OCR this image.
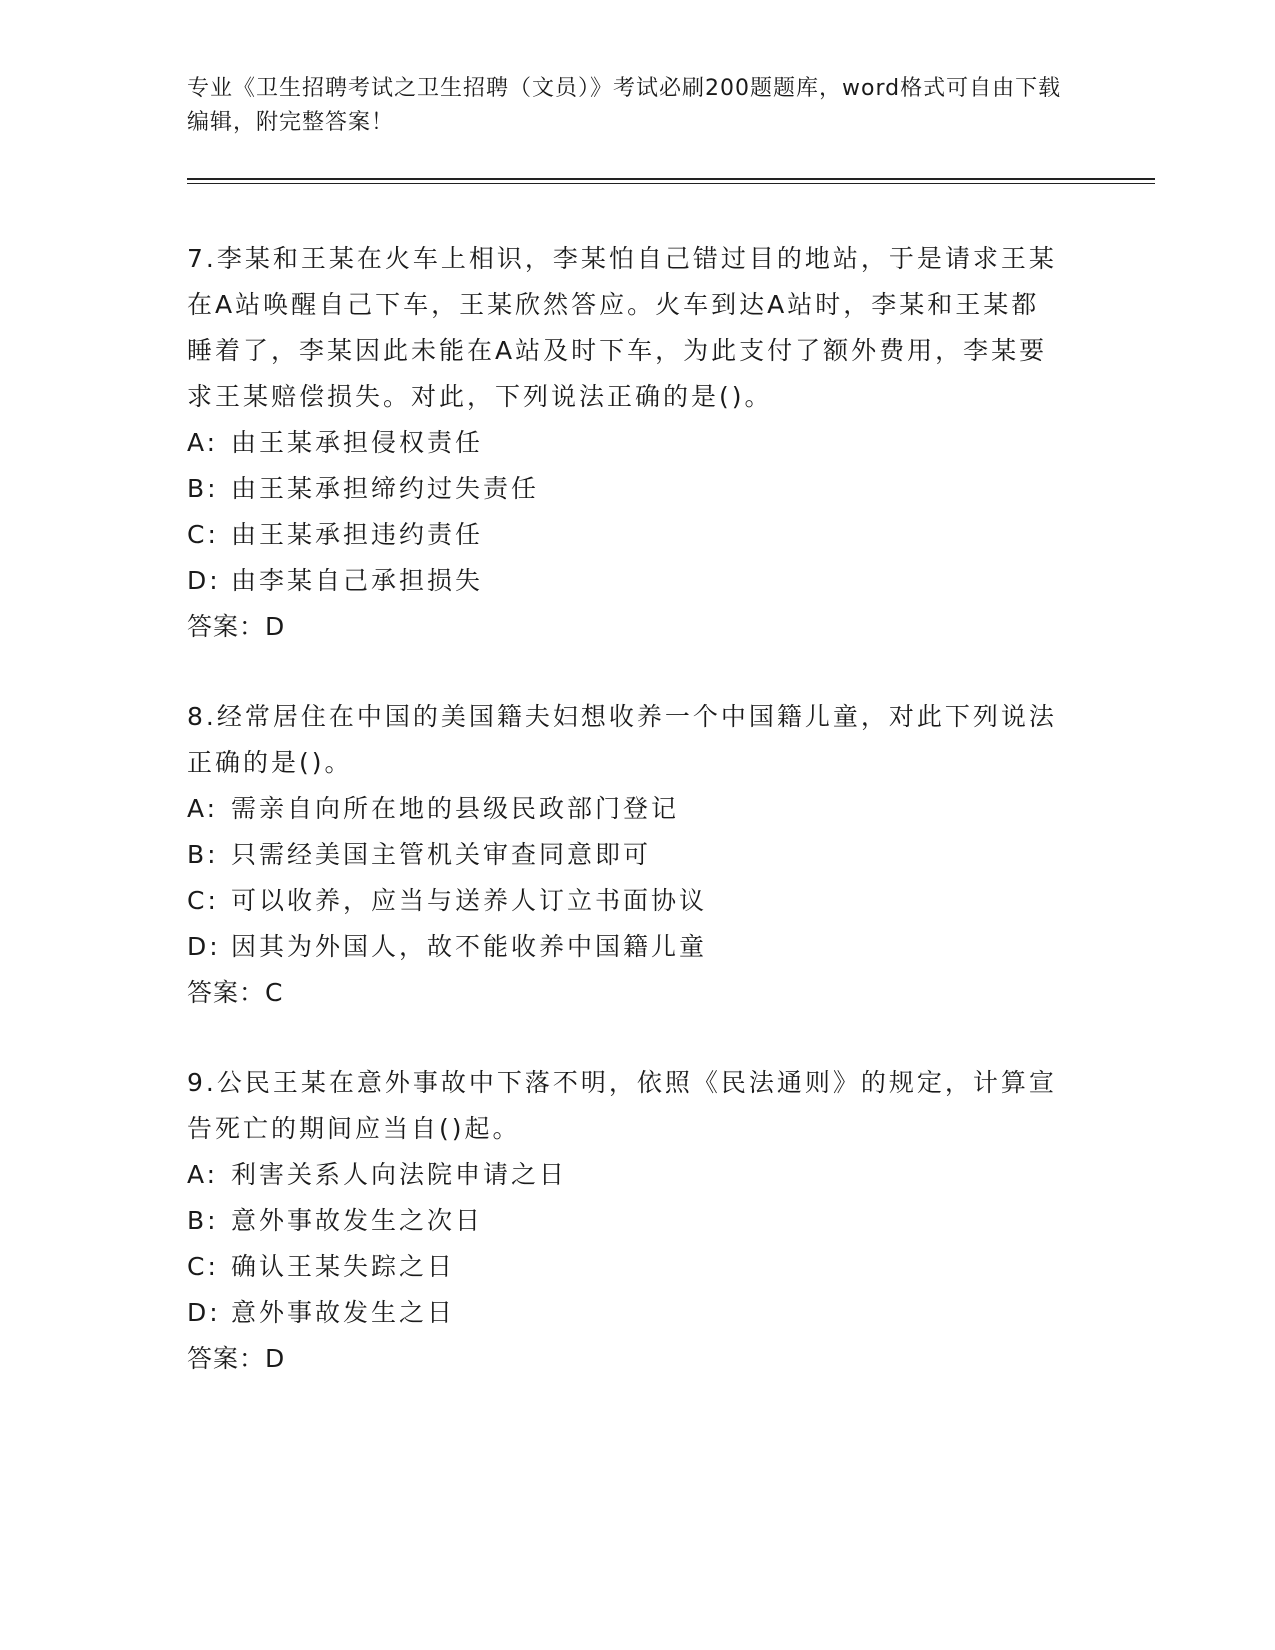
专业《卫生招聘考试之卫生招聘（文员）》考试必刷200题题库，word格式可自由下载编辑，附完整答案！

7.李某和王某在火车上相识，李某怕自己错过目的地站，于是请求王某在A站唤醒自己下车，王某欣然答应。火车到达A站时，李某和王某都睡着了，李某因此未能在A站及时下车，为此支付了额外费用，李某要求王某赔偿损失。对此，下列说法正确的是()。

A: 由王某承担侵权责任

B: 由王某承担缔约过失责任

C: 由王某承担违约责任

D: 由李某自己承担损失

答案：D

8.经常居住在中国的美国籍夫妇想收养一个中国籍儿童，对此下列说法正确的是()。

A: 需亲自向所在地的县级民政部门登记

B: 只需经美国主管机关审查同意即可

C: 可以收养，应当与送养人订立书面协议

D: 因其为外国人，故不能收养中国籍儿童

答案：C

9.公民王某在意外事故中下落不明，依照《民法通则》的规定，计算宣告死亡的期间应当自()起。

A: 利害关系人向法院申请之日

B: 意外事故发生之次日

C: 确认王某失踪之日

D: 意外事故发生之日

答案：D
